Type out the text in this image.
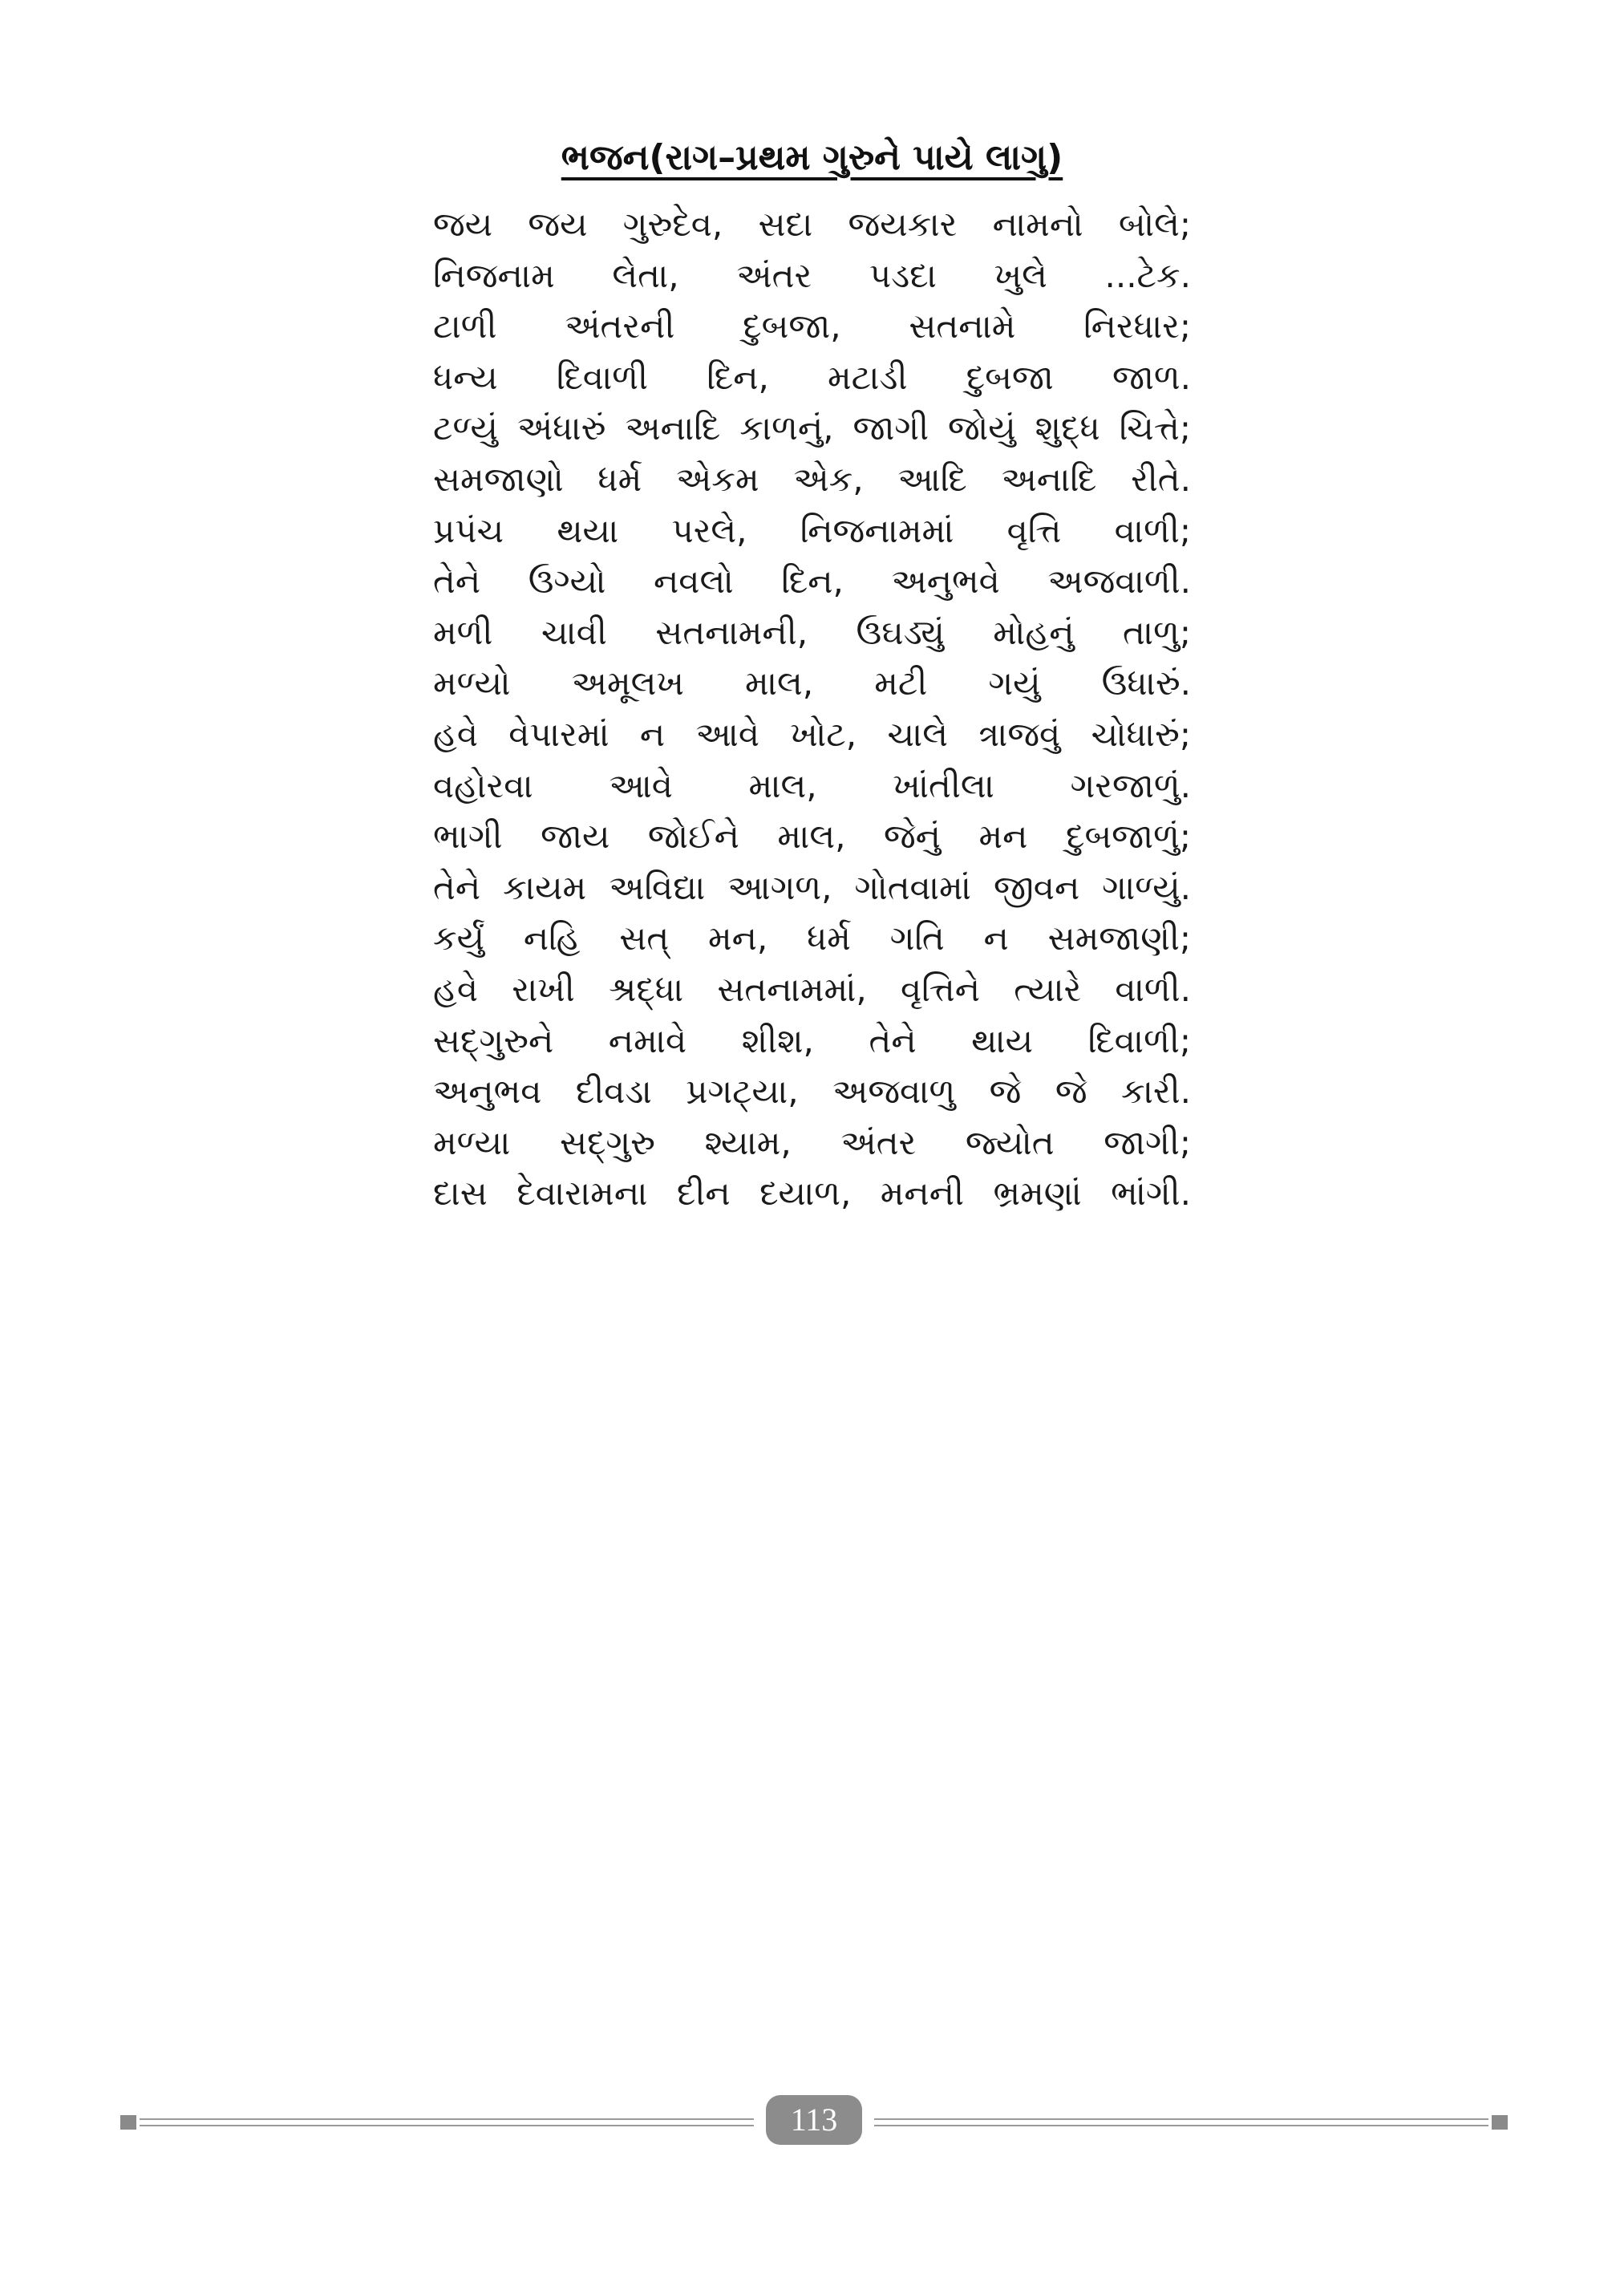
ભજન(રાગ–પ્રથમ ગુરુને પાયે લાગુ)
જય જય ગુરુદેવ, સદા જયકાર નામનો બોલે;
નિજનામ લેતા, અંતર પડદા ખુલે ...ટેક.
ટાળી અંતરની દુબજા, સતનામે નિરધાર;
ધન્ય દિવાળી દિન, મટાડી દુબજા જાળ.
ટળ્યું અંધારું અનાદિ કાળનું, જાગી જોયું શુદ્ધ ચિત્તે;
સમજાણો ધર્મ એકમ એક, આદિ અનાદિ રીતે.
પ્રપંચ થયા પરલે, નિજનામમાં વૃત્તિ વાળી;
તેને ઉગ્યો નવલો દિન, અનુભવે અજવાળી.
મળી ચાવી સતનામની, ઉઘડ્યું મોહનું તાળુ;
મળ્યો અમૂલખ માલ, મટી ગયું ઉધારું.
હવે વેપારમાં ન આવે ખોટ, ચાલે ત્રાજવું ચોધારું;
વહોરવા આવે માલ, ખાંતીલા ગરજાળું.
ભાગી જાય જોઈને માલ, જેનું મન દુબજાળું;
તેને કાયમ અવિદ્યા આગળ, ગોતવામાં જીવન ગાળ્યું.
કર્યું નહિ સત્ મન, ધર્મ ગતિ ન સમજાણી;
હવે રાખી શ્રદ્ધા સતનામમાં, વૃત્તિને ત્યારે વાળી.
સદ્‌ગુરુને નમાવે શીશ, તેને થાય દિવાળી;
અનુભવ દીવડા પ્રગટ્યા, અજવાળુ જે જે કારી.
મળ્યા સદ્‌ગુરુ શ્યામ, અંતર જ્યોત જાગી;
દાસ દેવારામના દીન દયાળ, મનની ભ્રમણાં ભાંગી.
113
